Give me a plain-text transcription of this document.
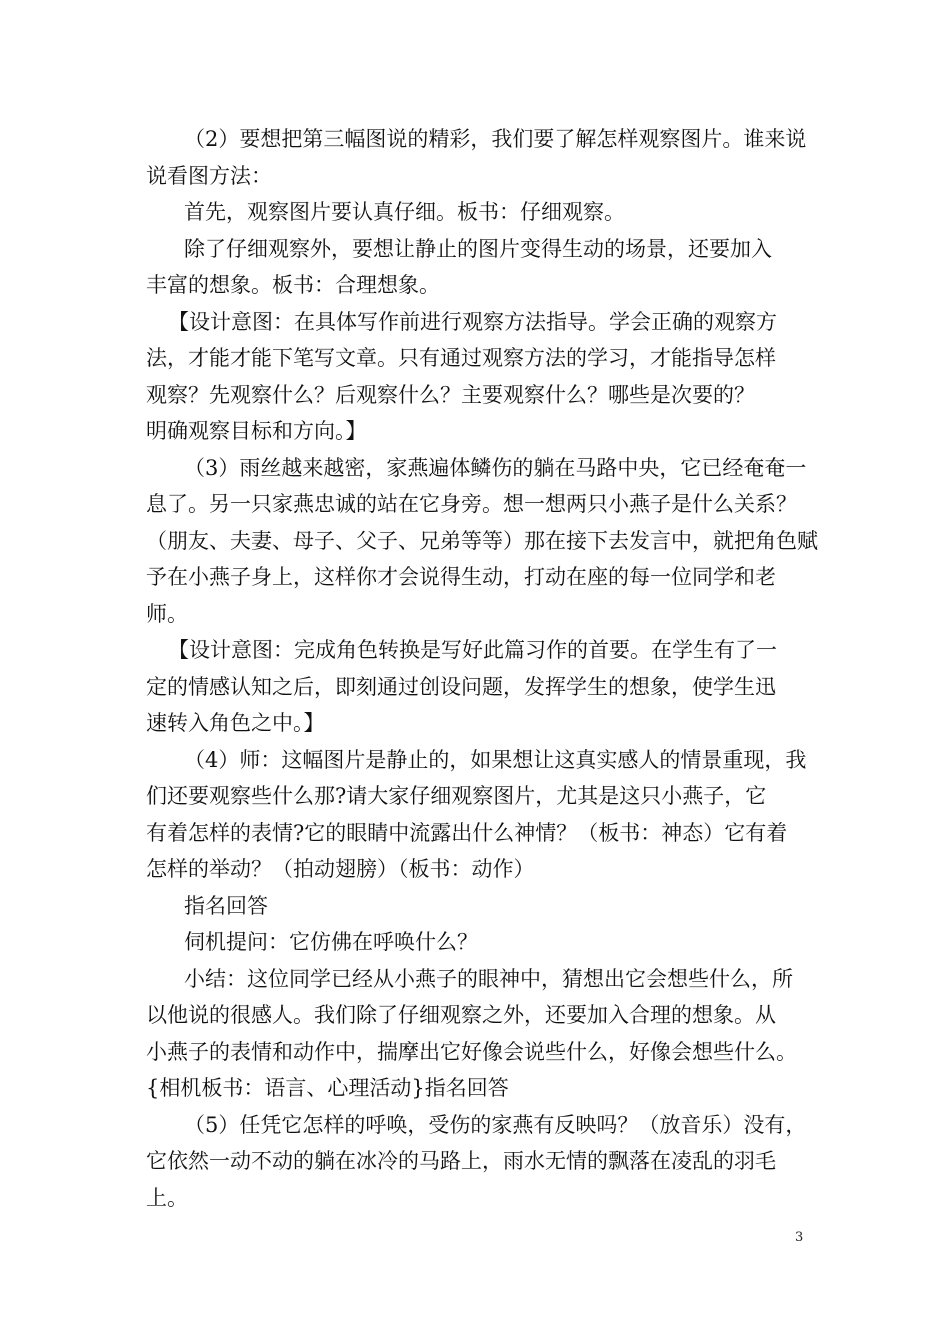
（2）要想把第三幅图说的精彩，我们要了解怎样观察图片。谁来说
说看图方法：
首先，观察图片要认真仔细。板书：仔细观察。
除了仔细观察外，要想让静止的图片变得生动的场景，还要加入
丰富的想象。板书：合理想象。
【设计意图：在具体写作前进行观察方法指导。学会正确的观察方
法，才能才能下笔写文章。只有通过观察方法的学习，才能指导怎样
观察？先观察什么？后观察什么？主要观察什么？哪些是次要的？
明确观察目标和方向。】
（3）雨丝越来越密，家燕遍体鳞伤的躺在马路中央，它已经奄奄一
息了。另一只家燕忠诚的站在它身旁。想一想两只小燕子是什么关系？
（朋友、夫妻、母子、父子、兄弟等等）那在接下去发言中，就把角色赋
予在小燕子身上，这样你才会说得生动，打动在座的每一位同学和老
师。
【设计意图：完成角色转换是写好此篇习作的首要。在学生有了一
定的情感认知之后，即刻通过创设问题，发挥学生的想象，使学生迅
速转入角色之中。】
（4）师：这幅图片是静止的，如果想让这真实感人的情景重现，我
们还要观察些什么那?请大家仔细观察图片，尤其是这只小燕子，它
有着怎样的表情?它的眼睛中流露出什么神情？（板书：神态）它有着
怎样的举动？（拍动翅膀）（板书：动作）
指名回答
伺机提问：它仿佛在呼唤什么？
小结：这位同学已经从小燕子的眼神中，猜想出它会想些什么，所
以他说的很感人。我们除了仔细观察之外，还要加入合理的想象。从
小燕子的表情和动作中，揣摩出它好像会说些什么，好像会想些什么。
{相机板书：语言、心理活动}指名回答
（5）任凭它怎样的呼唤，受伤的家燕有反映吗？（放音乐）没有，
它依然一动不动的躺在冰冷的马路上，雨水无情的飘落在凌乱的羽毛
上。

3
